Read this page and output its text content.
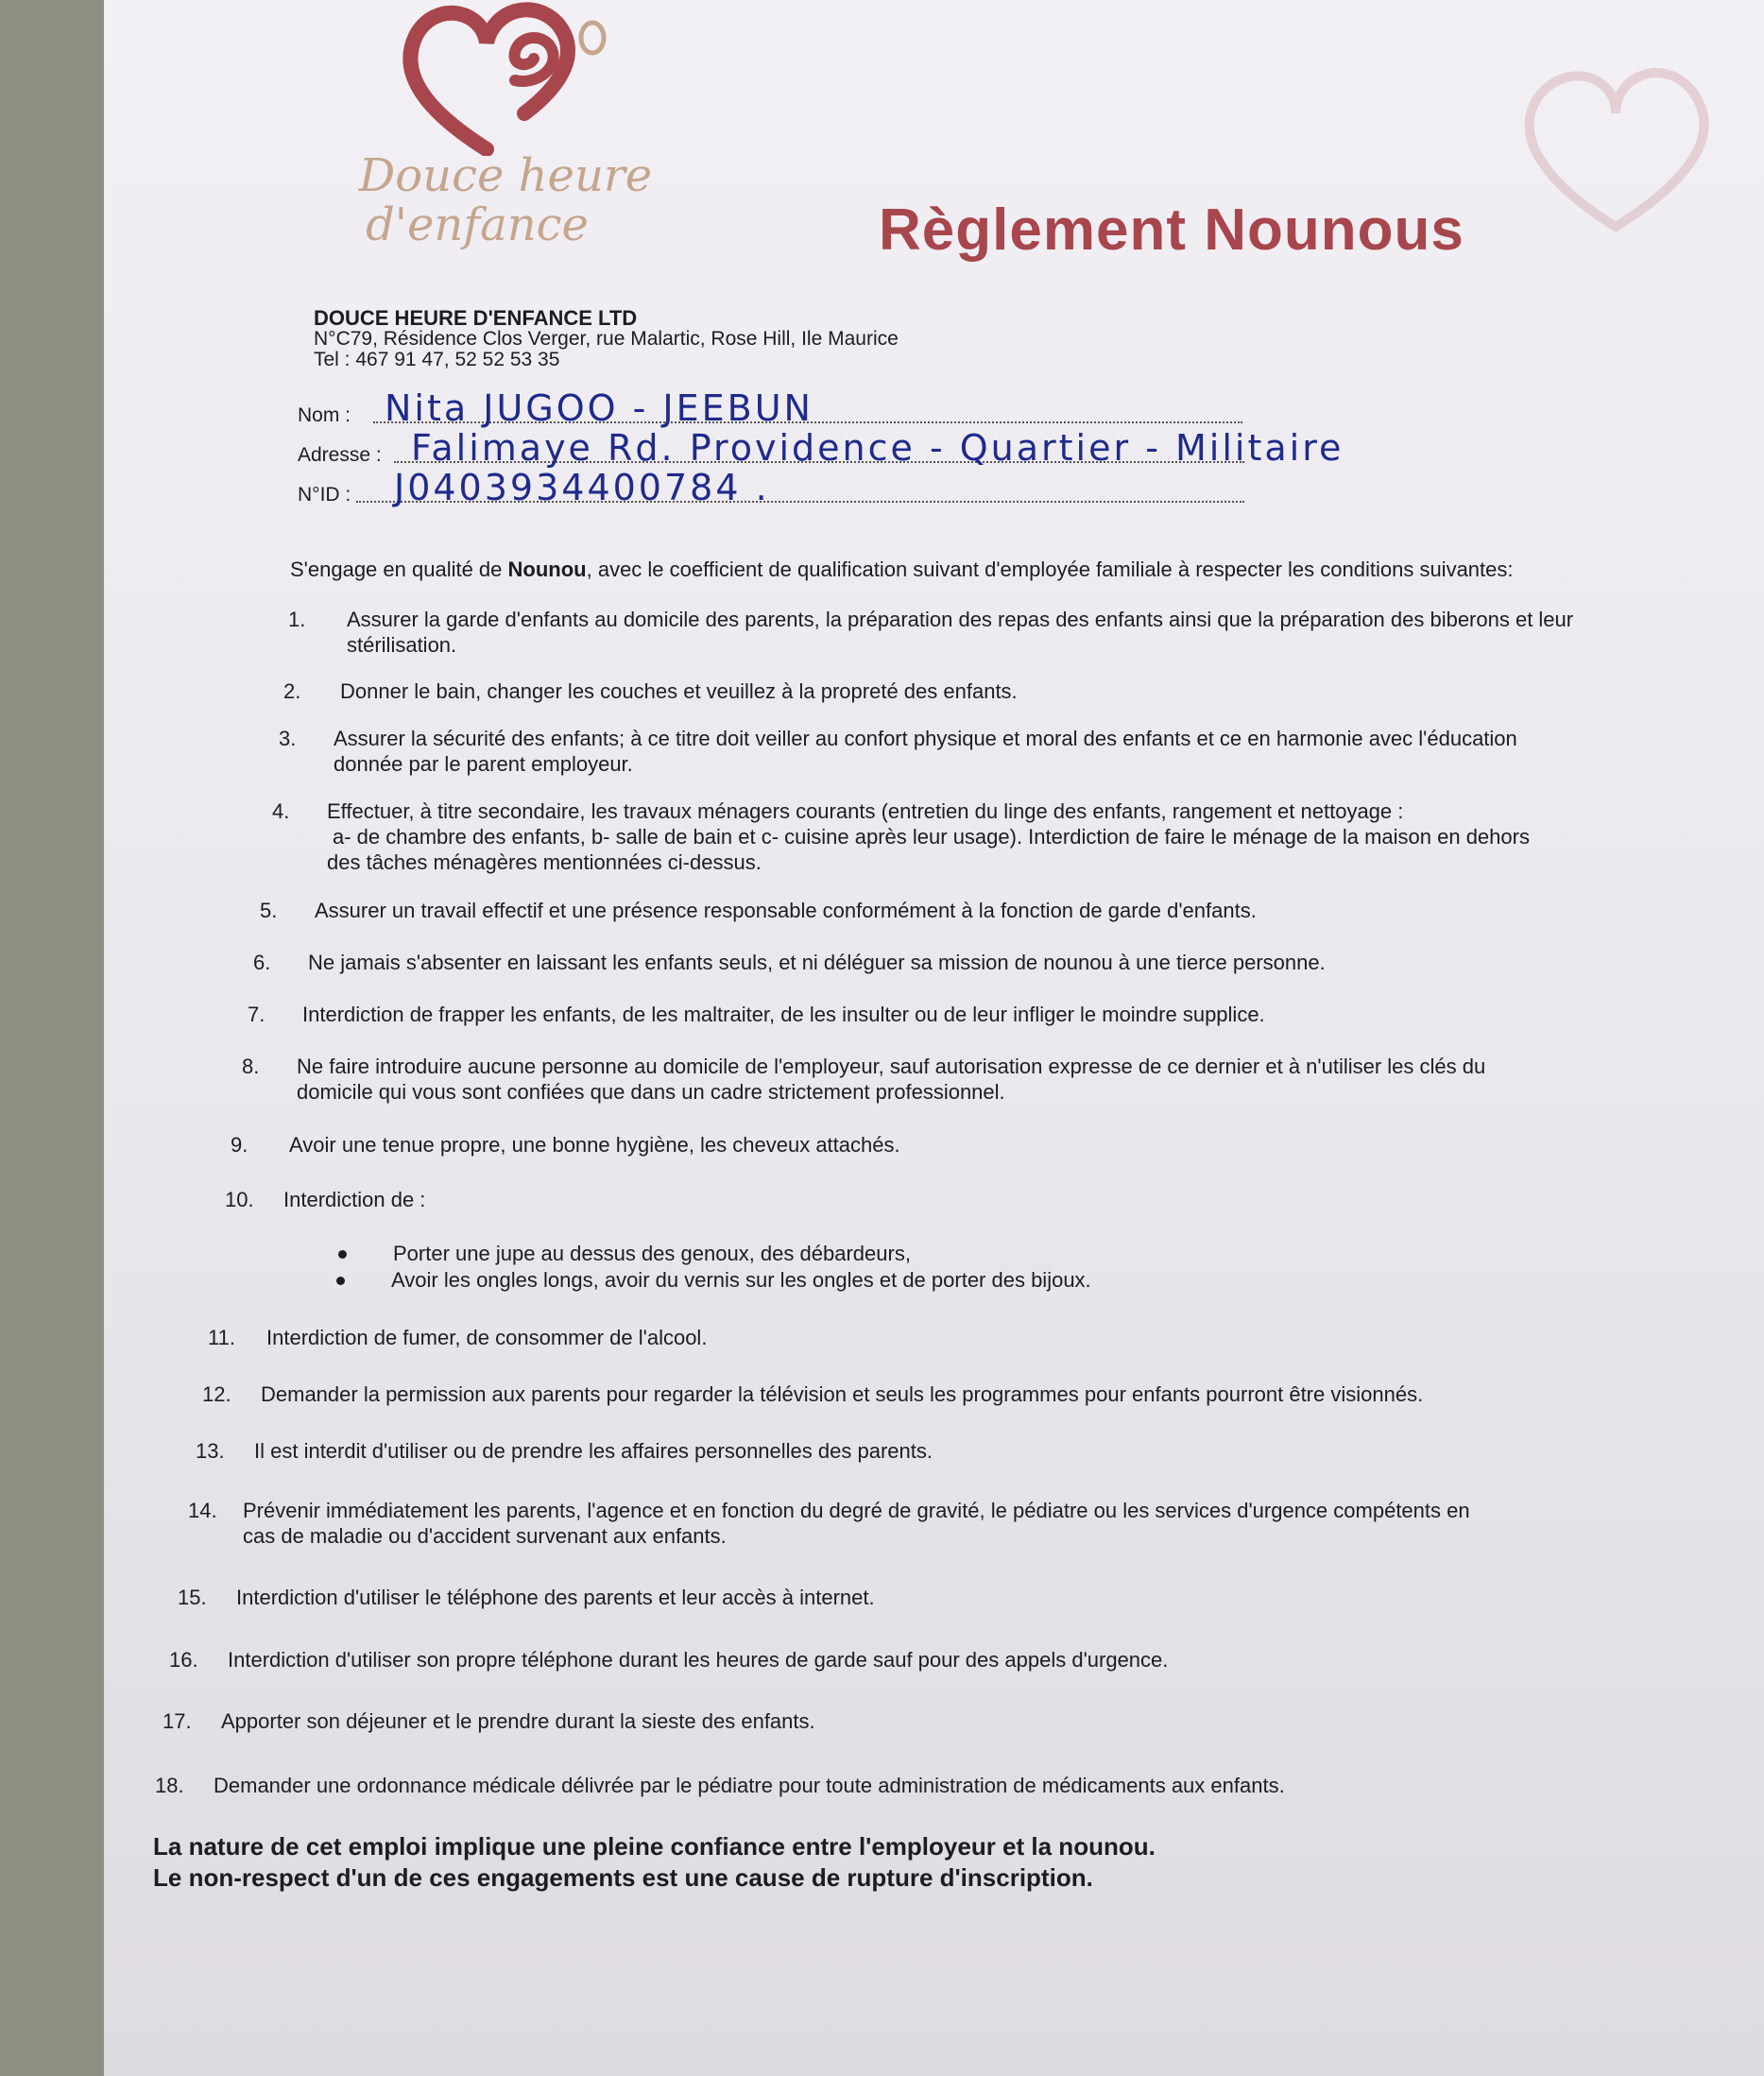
Douce heure
d'enfance	Règlement Nounous
DOUCE HEURE D'ENFANCE LTD
N°C79, Résidence Clos Verger, rue Malartic, Rose Hill, Ile Maurice
Tel : 467 91 47, 52 52 53 35
Nom : Nita JUGOO - JEEBUN
Adresse : Falimaye Rd. Providence - Quartier - Militaire
N°ID : J0403934400784 .
S'engage en qualité de Nounou, avec le coefficient de qualification suivant d'employée familiale à respecter les conditions suivantes:
1. Assurer la garde d'enfants au domicile des parents, la préparation des repas des enfants ainsi que la préparation des biberons et leur
stérilisation.
2. Donner le bain, changer les couches et veuillez à la propreté des enfants.
3. Assurer la sécurité des enfants; à ce titre doit veiller au confort physique et moral des enfants et ce en harmonie avec l'éducation
donnée par le parent employeur.
4. Effectuer, à titre secondaire, les travaux ménagers courants (entretien du linge des enfants, rangement et nettoyage :
a- de chambre des enfants, b- salle de bain et c- cuisine après leur usage). Interdiction de faire le ménage de la maison en dehors
des tâches ménagères mentionnées ci-dessus.
5. Assurer un travail effectif et une présence responsable conformément à la fonction de garde d'enfants.
6. Ne jamais s'absenter en laissant les enfants seuls, et ni déléguer sa mission de nounou à une tierce personne.
7. Interdiction de frapper les enfants, de les maltraiter, de les insulter ou de leur infliger le moindre supplice.
8. Ne faire introduire aucune personne au domicile de l'employeur, sauf autorisation expresse de ce dernier et à n'utiliser les clés du
domicile qui vous sont confiées que dans un cadre strictement professionnel.
9. Avoir une tenue propre, une bonne hygiène, les cheveux attachés.
10. Interdiction de :
Porter une jupe au dessus des genoux, des débardeurs,
Avoir les ongles longs, avoir du vernis sur les ongles et de porter des bijoux.
11. Interdiction de fumer, de consommer de l'alcool.
12. Demander la permission aux parents pour regarder la télévision et seuls les programmes pour enfants pourront être visionnés.
13. Il est interdit d'utiliser ou de prendre les affaires personnelles des parents.
14. Prévenir immédiatement les parents, l'agence et en fonction du degré de gravité, le pédiatre ou les services d'urgence compétents en
cas de maladie ou d'accident survenant aux enfants.
15. Interdiction d'utiliser le téléphone des parents et leur accès à internet.
16. Interdiction d'utiliser son propre téléphone durant les heures de garde sauf pour des appels d'urgence.
17. Apporter son déjeuner et le prendre durant la sieste des enfants.
18. Demander une ordonnance médicale délivrée par le pédiatre pour toute administration de médicaments aux enfants.
La nature de cet emploi implique une pleine confiance entre l'employeur et la nounou.
Le non-respect d'un de ces engagements est une cause de rupture d'inscription.
